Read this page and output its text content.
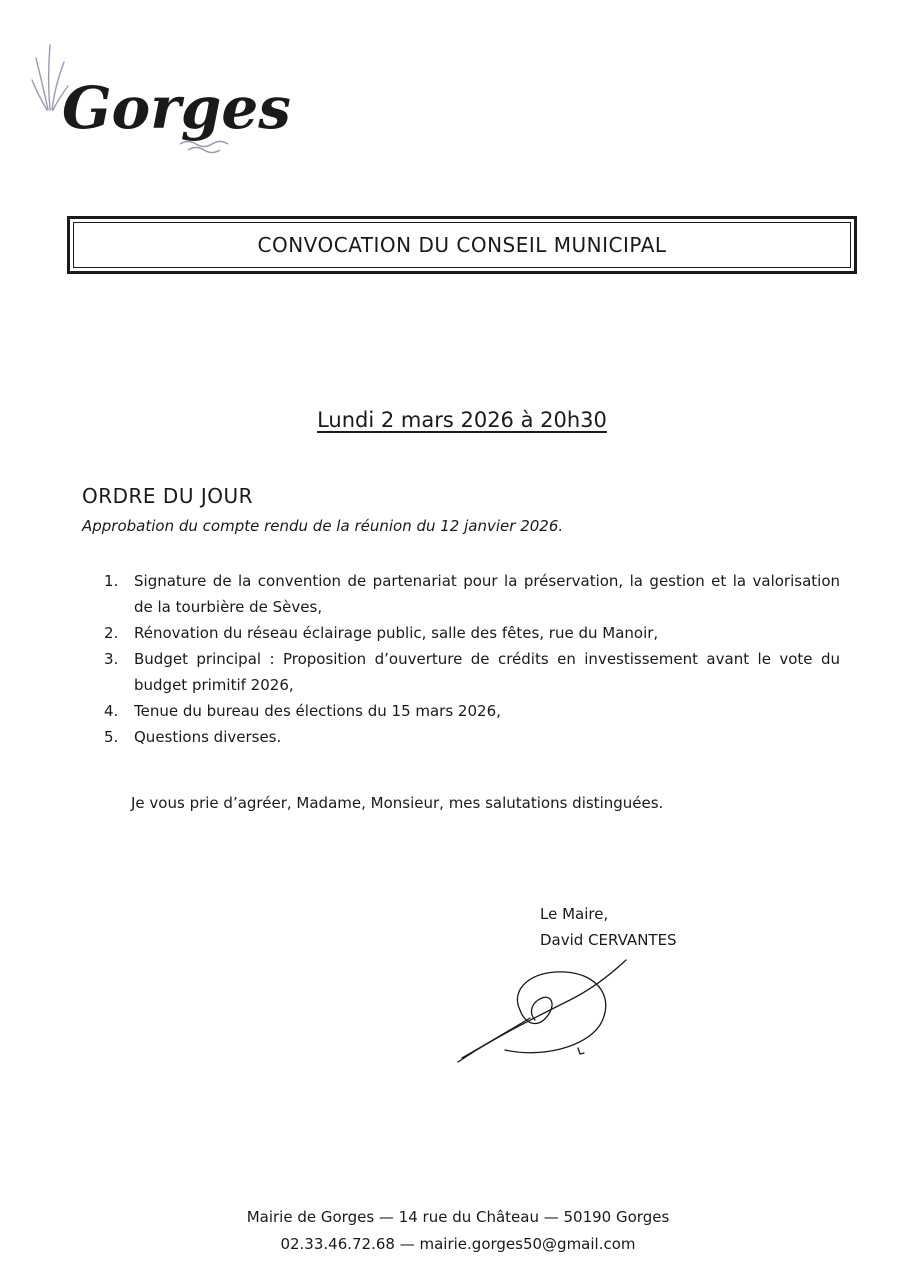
Gorges
CONVOCATION DU CONSEIL MUNICIPAL
Lundi 2 mars 2026 à 20h30
ORDRE DU JOUR
Approbation du compte rendu de la réunion du 12 janvier 2026.
1. Signature de la convention de partenariat pour la préservation, la gestion et la valorisation de la tourbière de Sèves,
2. Rénovation du réseau éclairage public, salle des fêtes, rue du Manoir,
3. Budget principal : Proposition d’ouverture de crédits en investissement avant le vote du budget primitif 2026,
4. Tenue du bureau des élections du 15 mars 2026,
5. Questions diverses.
Je vous prie d’agréer, Madame, Monsieur, mes salutations distinguées.
Le Maire,
David CERVANTES
Mairie de Gorges — 14 rue du Château — 50190 Gorges
02.33.46.72.68 — mairie.gorges50@gmail.com
